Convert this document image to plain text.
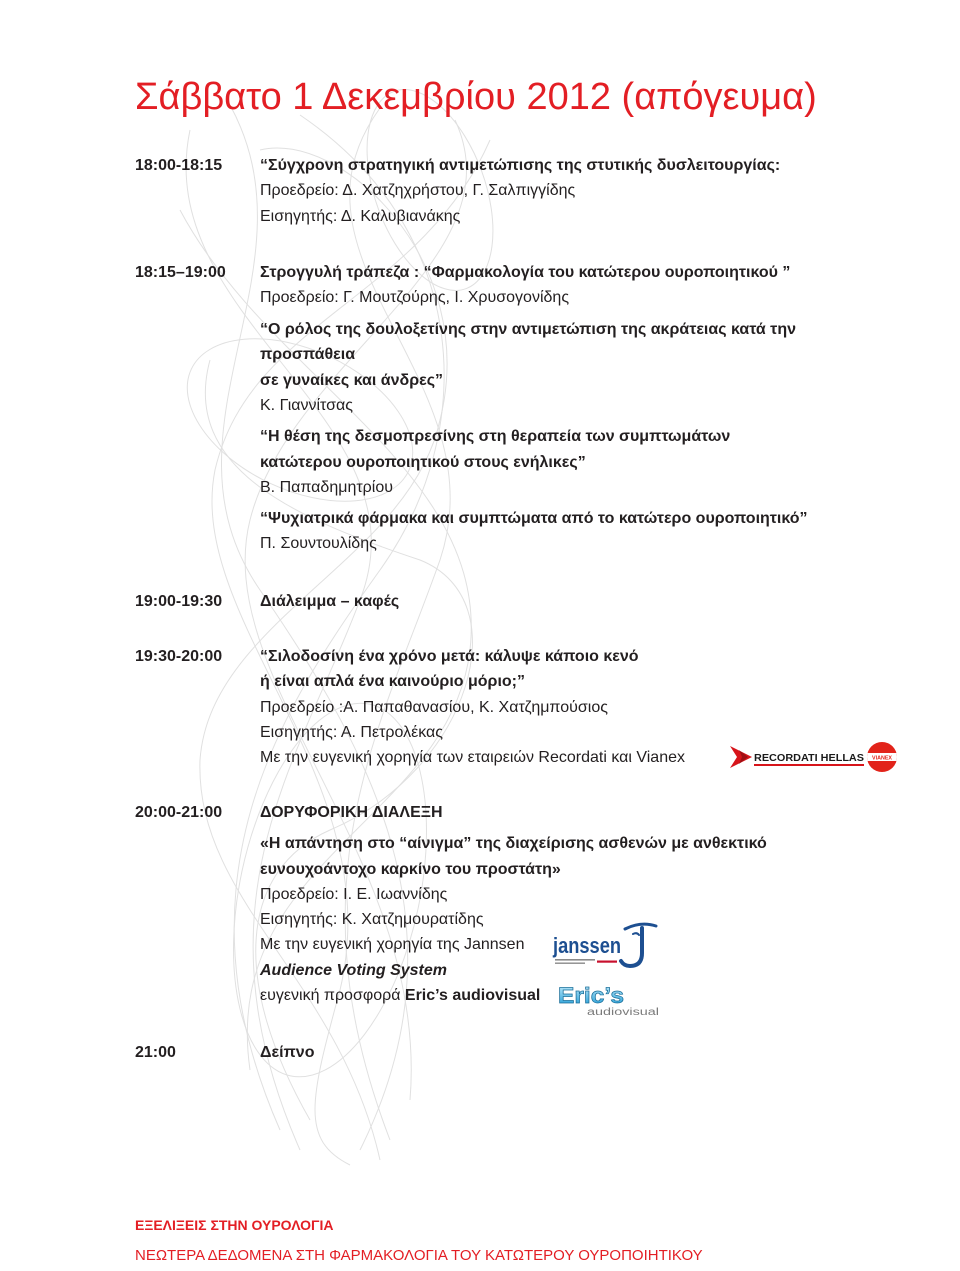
Σάββατο 1 Δεκεμβρίου 2012 (απόγευμα)
18:00-18:15 “Σύγχρονη στρατηγική αντιμετώπισης της στυτικής δυσλειτουργίας:
Προεδρείο: Δ. Χατζηχρήστου, Γ. Σαλπιγγίδης
Εισηγητής: Δ. Καλυβιανάκης
18:15–19:00 Στρογγυλή τράπεζα : “Φαρμακολογία του κατώτερου ουροποιητικού ”
Προεδρείο: Γ. Μουτζούρης, Ι. Χρυσογονίδης
“Ο ρόλος της δουλοξετίνης στην αντιμετώπιση της ακράτειας κατά την
προσπάθεια
σε γυναίκες και άνδρες”
Κ. Γιαννίτσας
“Η θέση της δεσμοπρεσίνης στη θεραπεία των συμπτωμάτων
κατώτερου ουροποιητικού στους ενήλικες”
Β. Παπαδημητρίου
“Ψυχιατρικά φάρμακα και συμπτώματα από το κατώτερο ουροποιητικό”
Π. Σουντουλίδης
19:00-19:30 Διάλειμμα – καφές
19:30-20:00 “Σιλοδοσίνη ένα χρόνο μετά: κάλυψε κάποιο κενό
ή είναι απλά ένα καινούριο μόριο;”
Προεδρείο :Α. Παπαθανασίου, Κ. Χατζημπούσιος
Εισηγητής: Α. Πετρολέκας
Με την ευγενική χορηγία των εταιρειών Recordati και Vianex	RECORDATI HELLAS VIANEX
20:00-21:00 ΔΟΡΥΦΟΡΙΚΗ ΔΙΑΛΕΞΗ
«Η απάντηση στο “αίνιγμα” της διαχείρισης ασθενών με ανθεκτικό
ευνουχοάντοχο καρκίνο του προστάτη»
Προεδρείο: Ι. Ε. Ιωαννίδης
Εισηγητής: Κ. Χατζημουρατίδης
Με την ευγενική χορηγία της Jannsen
Audience Voting System
ευγενική προσφορά Eric’s audiovisual
janssen
Eric’s
audiovisual
21:00	Δείπνο
ΕΞΕΛΙΞΕΙΣ ΣΤΗΝ ΟΥΡΟΛΟΓΙΑ
ΝΕΩΤΕΡΑ ΔΕΔΟΜΕΝΑ ΣΤΗ ΦΑΡΜΑΚΟΛΟΓΙΑ ΤΟΥ ΚΑΤΩΤΕΡΟΥ ΟΥΡΟΠΟΙΗΤΙΚΟΥ
